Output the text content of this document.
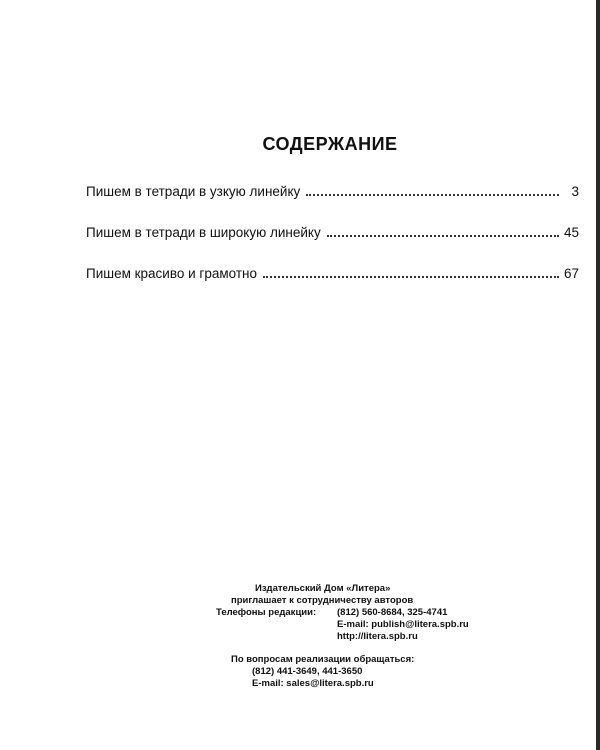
СОДЕРЖАНИЕ
Пишем в тетради в узкую линейку	3
Пишем в тетради в широкую линейку	45
Пишем красиво и грамотно	67
Издательский Дом «Литера»
приглашает к сотрудничеству авторов
Телефоны редакции:	(812) 560-8684, 325-4741
E-mail: publish@litera.spb.ru
http://litera.spb.ru
По вопросам реализации обращаться:
(812) 441-3649, 441-3650
E-mail: sales@litera.spb.ru
